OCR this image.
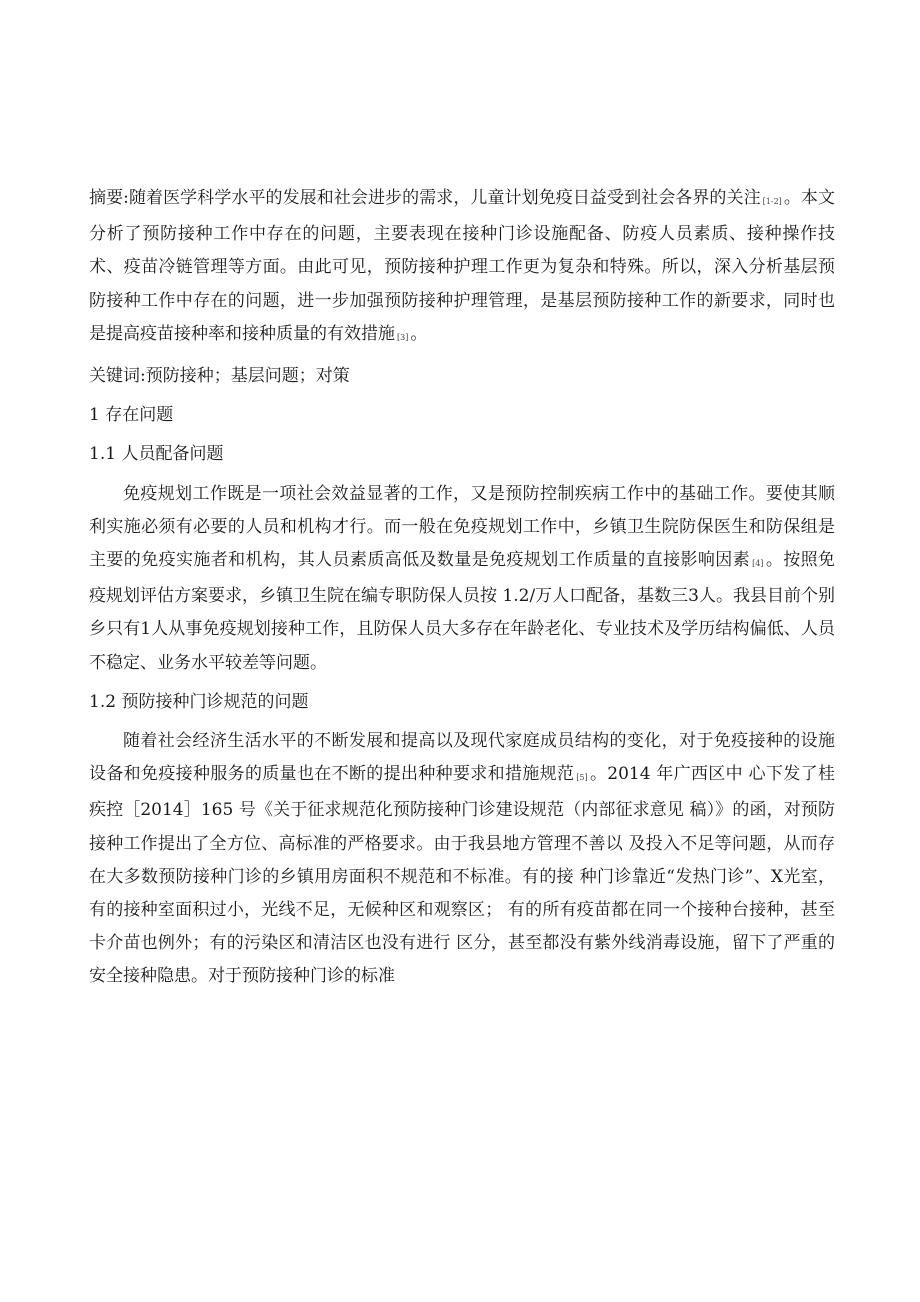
摘要:随着医学科学水平的发展和社会进步的需求，儿童计划免疫日益受到社会各界的关注 [1-2] 。本文分析了预防接种工作中存在的问题，主要表现在接种门诊设施配备、防疫人员素质、接种操作技术、疫苗冷链管理等方面。由此可见，预防接种护理工作更为复杂和特殊。所以，深入分析基层预防接种工作中存在的问题，进一步加强预防接种护理管理，是基层预防接种工作的新要求，同时也是提高疫苗接种率和接种质量的有效措施 [3] 。

关键词:预防接种；基层问题；对策

1 存在问题

1.1 人员配备问题

免疫规划工作既是一项社会效益显著的工作，又是预防控制疾病工作中的基础工作。要使其顺利实施必须有必要的人员和机构才行。而一般在免疫规划工作中，乡镇卫生院防保医生和防保组是主要的免疫实施者和机构，其人员素质高低及数量是免疫规划工作质量的直接影响因素 [4] 。按照免疫规划评估方案要求，乡镇卫生院在编专职防保人员按 1.2/万人口配备，基数三3人。我县目前个别乡只有1人从事免疫规划接种工作，且防保人员大多存在年龄老化、专业技术及学历结构偏低、人员不稳定、业务水平较差等问题。

1.2 预防接种门诊规范的问题

随着社会经济生活水平的不断发展和提高以及现代家庭成员结构的变化，对于免疫接种的设施设备和免疫接种服务的质量也在不断的提出种种要求和措施规范 [5] 。2014 年广西区中 心下发了桂疾控［2014］165 号《关于征求规范化预防接种门诊建设规范（内部征求意见 稿）》的函，对预防接种工作提出了全方位、高标准的严格要求。由于我县地方管理不善以 及投入不足等问题，从而存在大多数预防接种门诊的乡镇用房面积不规范和不标准。有的接 种门诊靠近“发热门诊”、X光室，有的接种室面积过小，光线不足，无候种区和观察区； 有的所有疫苗都在同一个接种台接种，甚至卡介苗也例外；有的污染区和清洁区也没有进行 区分，甚至都没有紫外线消毒设施，留下了严重的安全接种隐患。对于预防接种门诊的标准
